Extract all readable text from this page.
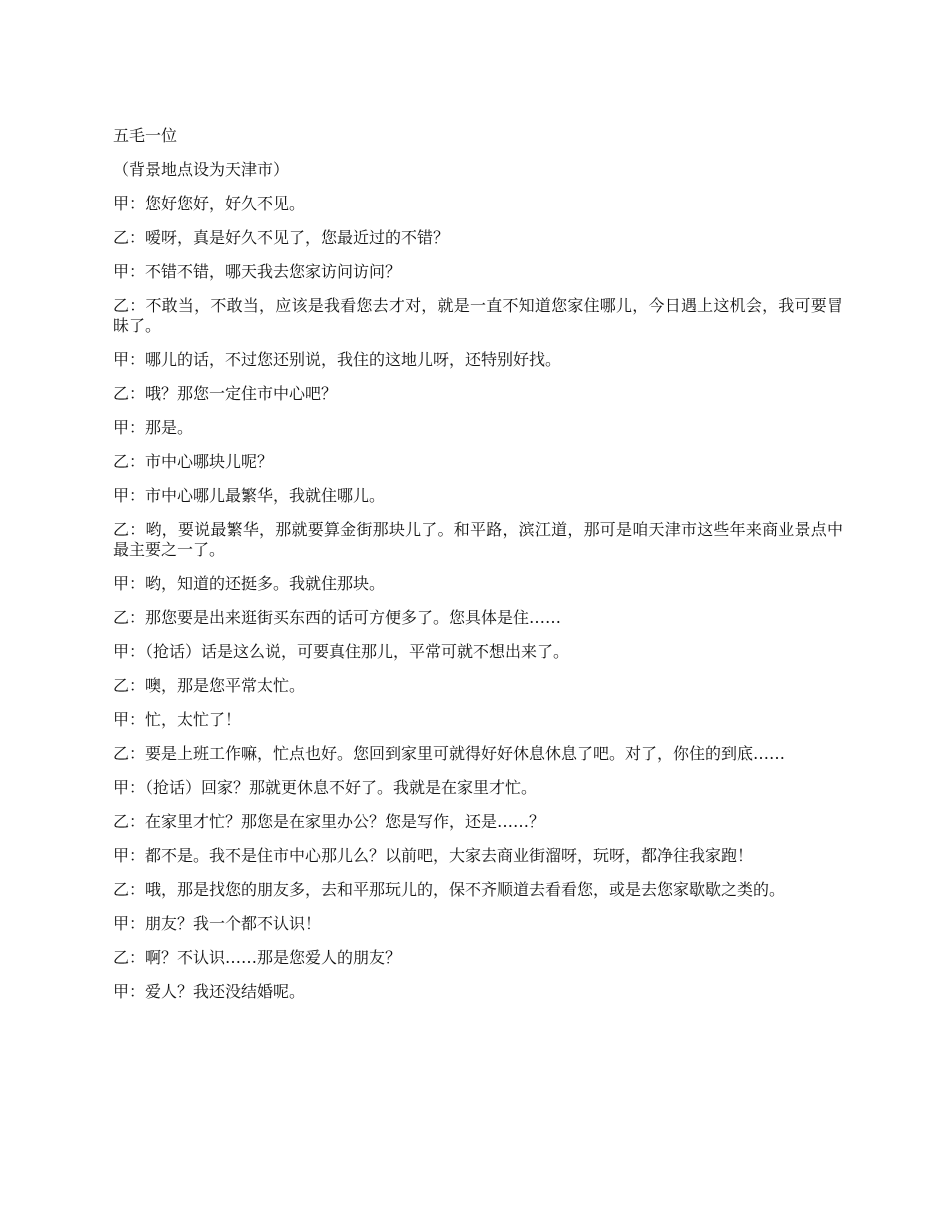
五毛一位

（背景地点设为天津市）

甲：您好您好，好久不见。

乙：嗳呀，真是好久不见了，您最近过的不错？

甲：不错不错，哪天我去您家访问访问？

乙：不敢当，不敢当，应该是我看您去才对，就是一直不知道您家住哪儿，今日遇上这机会，我可要冒昧了。

甲：哪儿的话，不过您还别说，我住的这地儿呀，还特别好找。

乙：哦？那您一定住市中心吧？

甲：那是。

乙：市中心哪块儿呢？

甲：市中心哪儿最繁华，我就住哪儿。

乙：哟，要说最繁华，那就要算金街那块儿了。和平路，滨江道，那可是咱天津市这些年来商业景点中最主要之一了。

甲：哟，知道的还挺多。我就住那块。

乙：那您要是出来逛街买东西的话可方便多了。您具体是住……

甲：（抢话）话是这么说，可要真住那儿，平常可就不想出来了。

乙：噢，那是您平常太忙。

甲：忙，太忙了！

乙：要是上班工作嘛，忙点也好。您回到家里可就得好好休息休息了吧。对了，你住的到底……

甲：（抢话）回家？那就更休息不好了。我就是在家里才忙。

乙：在家里才忙？那您是在家里办公？您是写作，还是……？

甲：都不是。我不是住市中心那儿么？以前吧，大家去商业街溜呀，玩呀，都净往我家跑！

乙：哦，那是找您的朋友多，去和平那玩儿的，保不齐顺道去看看您，或是去您家歇歇之类的。

甲：朋友？我一个都不认识！

乙：啊？不认识……那是您爱人的朋友？

甲：爱人？我还没结婚呢。
